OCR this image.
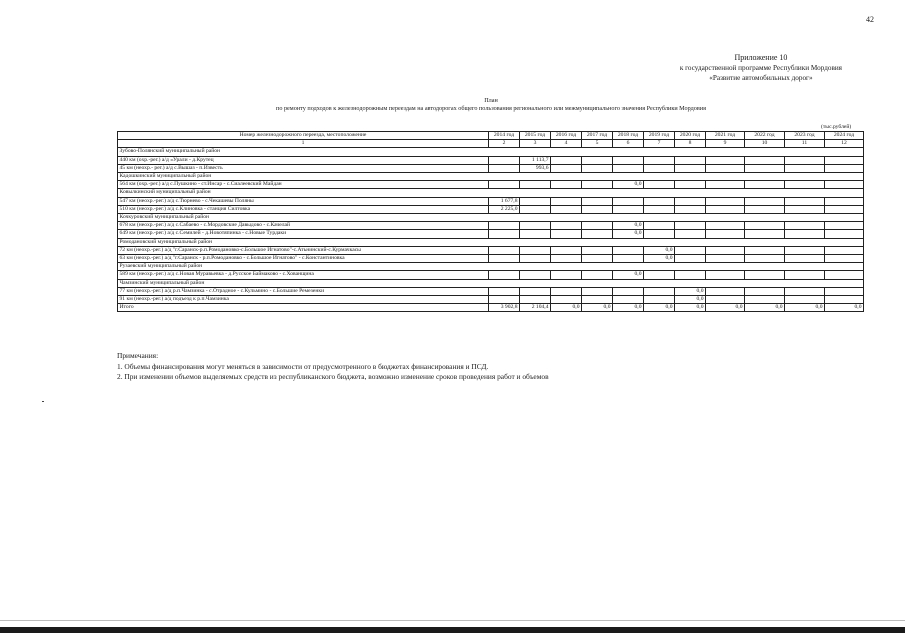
42
Приложение 10
к государственной программе Республики Мордовия
«Развитие автомобильных дорог»
План
по ремонту подходов к железнодорожным переездам на автодорогах общего пользования регионального или межмуниципального значения Республики Мордовия
(тыс.рублей)
Номер железнодорожного переезда, местоположение	2014 год	2015 год	2016 год	2017 год	2018 год	2019 год	2020 год	2021 год	2022 год	2023 год	2024 год
1	2	3	4	5	6	7	8	9	10	11	12
Зубово-Полянский муниципальный район											
440 км (охр.-рег.) а/д «Урали - д.Крутец		1 113,7									
45 км (неохр.- рег.) а/д с.Вышаз - п.Известь		993,6									
Кадошкинский муниципальный район											
564 км (охр.-рег.) а/д с.Пушкино - ст.Инсар - с.Сиалеевский Майдан					0,0						
Ковылкинский муниципальный район											
547 км (неохр.-рег.) а/д с.Тюрнево - с.Чекашевы Поляны	1 677,8										
510 км (неохр.-рег.) а/д с.Клиновка - станция Силтовка	2 225,0										
Кочкуровский муниципальный район											
678 км (неохр.-рег.) а/д с.Сабаево - с.Мордовские Давыдово - с.Качелай					0,0						
649 км (неохр.-рег.) а/д с.Семилей - д.Новотяпинка - с.Новые Турдаки					0,0						
Ромодановский муниципальный район											
72 км (неохр.-рег.) а/д "г.Саранск-р.п.Ромодановко-с.Большое Игнатово"-с.Атьнинский-с.Курмачкасы						0,0					
63 км (неохр.-рег.) а/д "г.Саранск - р.п.Ромодановко - с.Большое Игнатово" - с.Константиновка						0,0					
Рузаевский муниципальный район											
589 км (неохр.-рег.) а/д с.Новая Муравьевка - д.Русское Баймаково - с.Хованщина					0,0						
Чамзинский муниципальный район											
77 км (неохр.-рег.) а/д р.п.Чамзинка - с.Отрадное - с.Кульмино - с.Большие Ремезенки							0,0				
91 км (неохр.-рег.) а/д подъезд к р.п.Чамзинка							0,0				
Итого	3 902,8	2 104,4	0,0	0,0	0,0	0,0	0,0	0,0	0,0	0,0	0,0
Примечания:
1. Объемы финансирования могут меняться в зависимости от предусмотренного в бюджетах финансирования и ПСД.
2. При изменении объемов выделяемых средств из республиканского бюджета, возможно изменение сроков проведения работ и объемов
